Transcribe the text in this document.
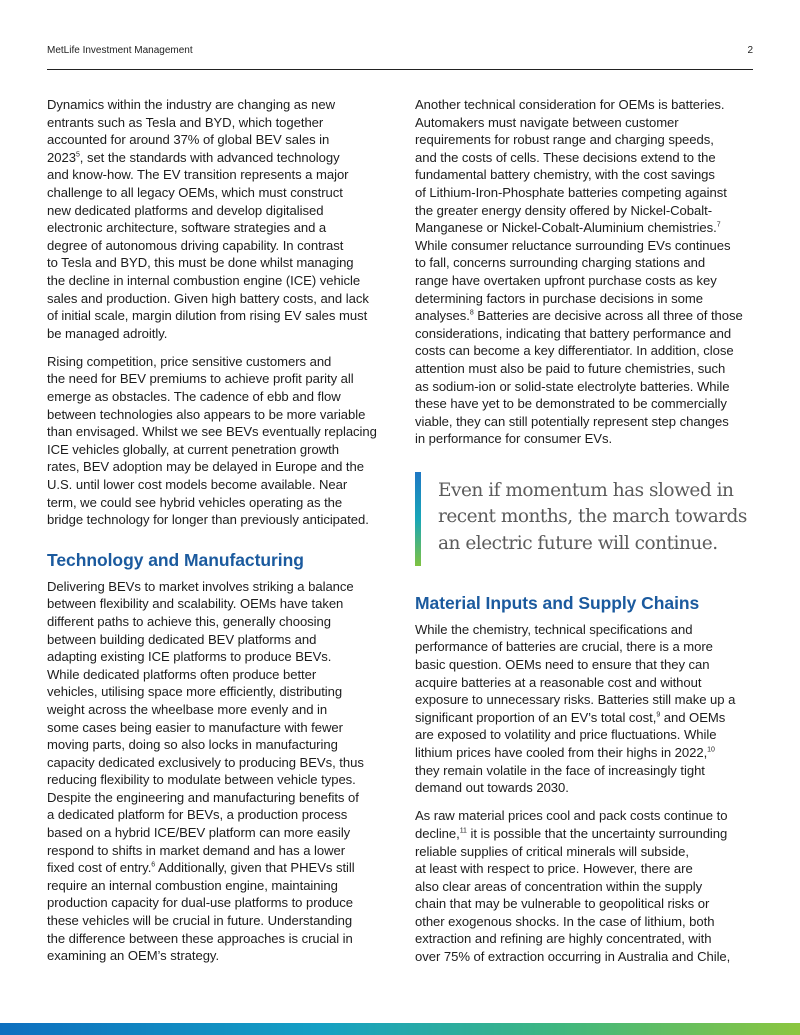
MetLife Investment Management	2

Dynamics within the industry are changing as new
entrants such as Tesla and BYD, which together
accounted for around 37% of global BEV sales in
2023$^5$, set the standards with advanced technology
and know-how. The EV transition represents a major
challenge to all legacy OEMs, which must construct
new dedicated platforms and develop digitalised
electronic architecture, software strategies and a
degree of autonomous driving capability. In contrast
to Tesla and BYD, this must be done whilst managing
the decline in internal combustion engine (ICE) vehicle
sales and production. Given high battery costs, and lack
of initial scale, margin dilution from rising EV sales must
be managed adroitly.

Rising competition, price sensitive customers and
the need for BEV premiums to achieve profit parity all
emerge as obstacles. The cadence of ebb and flow
between technologies also appears to be more variable
than envisaged. Whilst we see BEVs eventually replacing
ICE vehicles globally, at current penetration growth
rates, BEV adoption may be delayed in Europe and the
U.S. until lower cost models become available. Near
term, we could see hybrid vehicles operating as the
bridge technology for longer than previously anticipated.

Technology and Manufacturing

Delivering BEVs to market involves striking a balance
between flexibility and scalability. OEMs have taken
different paths to achieve this, generally choosing
between building dedicated BEV platforms and
adapting existing ICE platforms to produce BEVs.
While dedicated platforms often produce better
vehicles, utilising space more efficiently, distributing
weight across the wheelbase more evenly and in
some cases being easier to manufacture with fewer
moving parts, doing so also locks in manufacturing
capacity dedicated exclusively to producing BEVs, thus
reducing flexibility to modulate between vehicle types.
Despite the engineering and manufacturing benefits of
a dedicated platform for BEVs, a production process
based on a hybrid ICE/BEV platform can more easily
respond to shifts in market demand and has a lower
fixed cost of entry.$^6$ Additionally, given that PHEVs still
require an internal combustion engine, maintaining
production capacity for dual-use platforms to produce
these vehicles will be crucial in future. Understanding
the difference between these approaches is crucial in
examining an OEM’s strategy.

Another technical consideration for OEMs is batteries.
Automakers must navigate between customer
requirements for robust range and charging speeds,
and the costs of cells. These decisions extend to the
fundamental battery chemistry, with the cost savings
of Lithium-Iron-Phosphate batteries competing against
the greater energy density offered by Nickel-Cobalt-
Manganese or Nickel-Cobalt-Aluminium chemistries.$^7$
While consumer reluctance surrounding EVs continues
to fall, concerns surrounding charging stations and
range have overtaken upfront purchase costs as key
determining factors in purchase decisions in some
analyses.$^8$ Batteries are decisive across all three of those
considerations, indicating that battery performance and
costs can become a key differentiator. In addition, close
attention must also be paid to future chemistries, such
as sodium-ion or solid-state electrolyte batteries. While
these have yet to be demonstrated to be commercially
viable, they can still potentially represent step changes
in performance for consumer EVs.

Even if momentum has slowed in
recent months, the march towards
an electric future will continue.
Material Inputs and Supply Chains

While the chemistry, technical specifications and
performance of batteries are crucial, there is a more
basic question. OEMs need to ensure that they can
acquire batteries at a reasonable cost and without
exposure to unnecessary risks. Batteries still make up a
significant proportion of an EV’s total cost,$^9$ and OEMs
are exposed to volatility and price fluctuations. While
lithium prices have cooled from their highs in 2022,10
they remain volatile in the face of increasingly tight
demand out towards 2030.

As raw material prices cool and pack costs continue to
decline,$^{11}$ it is possible that the uncertainty surrounding
reliable supplies of critical minerals will subside,
at least with respect to price. However, there are
also clear areas of concentration within the supply
chain that may be vulnerable to geopolitical risks or
other exogenous shocks. In the case of lithium, both
extraction and refining are highly concentrated, with
over 75% of extraction occurring in Australia and Chile,
